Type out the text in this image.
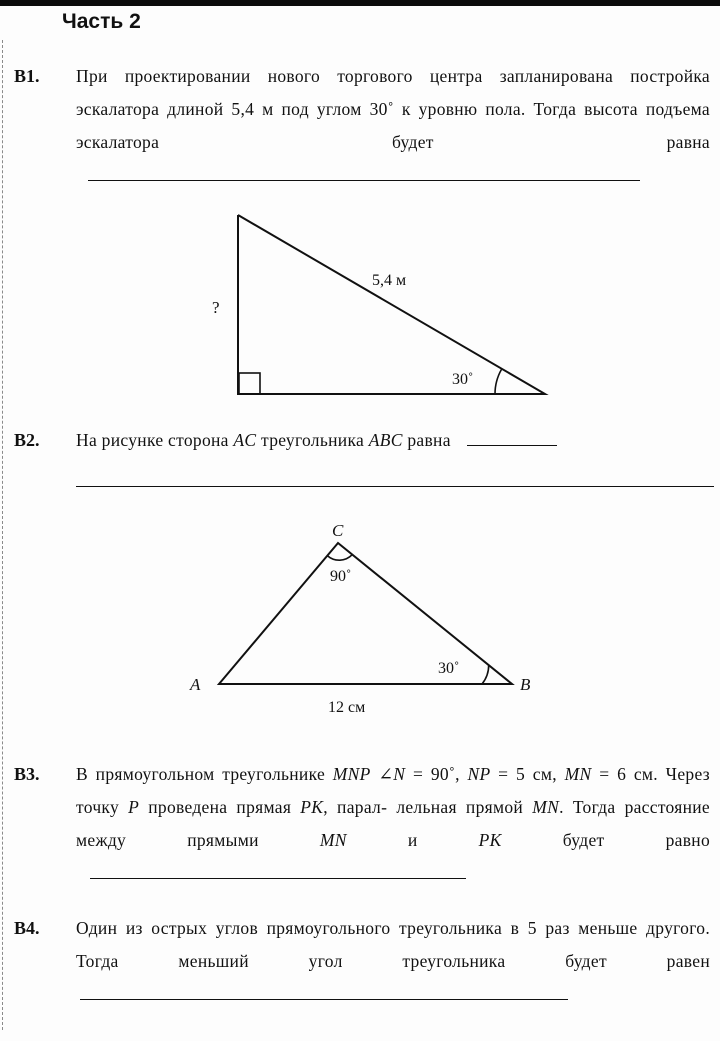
Часть 2
B1. При проектировании нового торгового центра запланирована постройка эскалатора длиной 5,4 м под углом 30˚ к уровню пола. Тогда высота подъема эскалатора будет равна
5,4 м
?
30˚
B2. На рисунке сторона AC треугольника ABC равна
C
A	B
90˚
30˚
12 см
B3. В прямоугольном треугольнике MNP ∠N = 90˚, NP = 5 см, MN = 6 см. Через точку P проведена прямая PK, парал- лельная прямой MN. Тогда расстояние между прямыми	MN и PK будет равно
B4. Один из острых углов прямоугольного треугольника в 5 раз меньше другого. Тогда меньший угол треугольника будет равен
